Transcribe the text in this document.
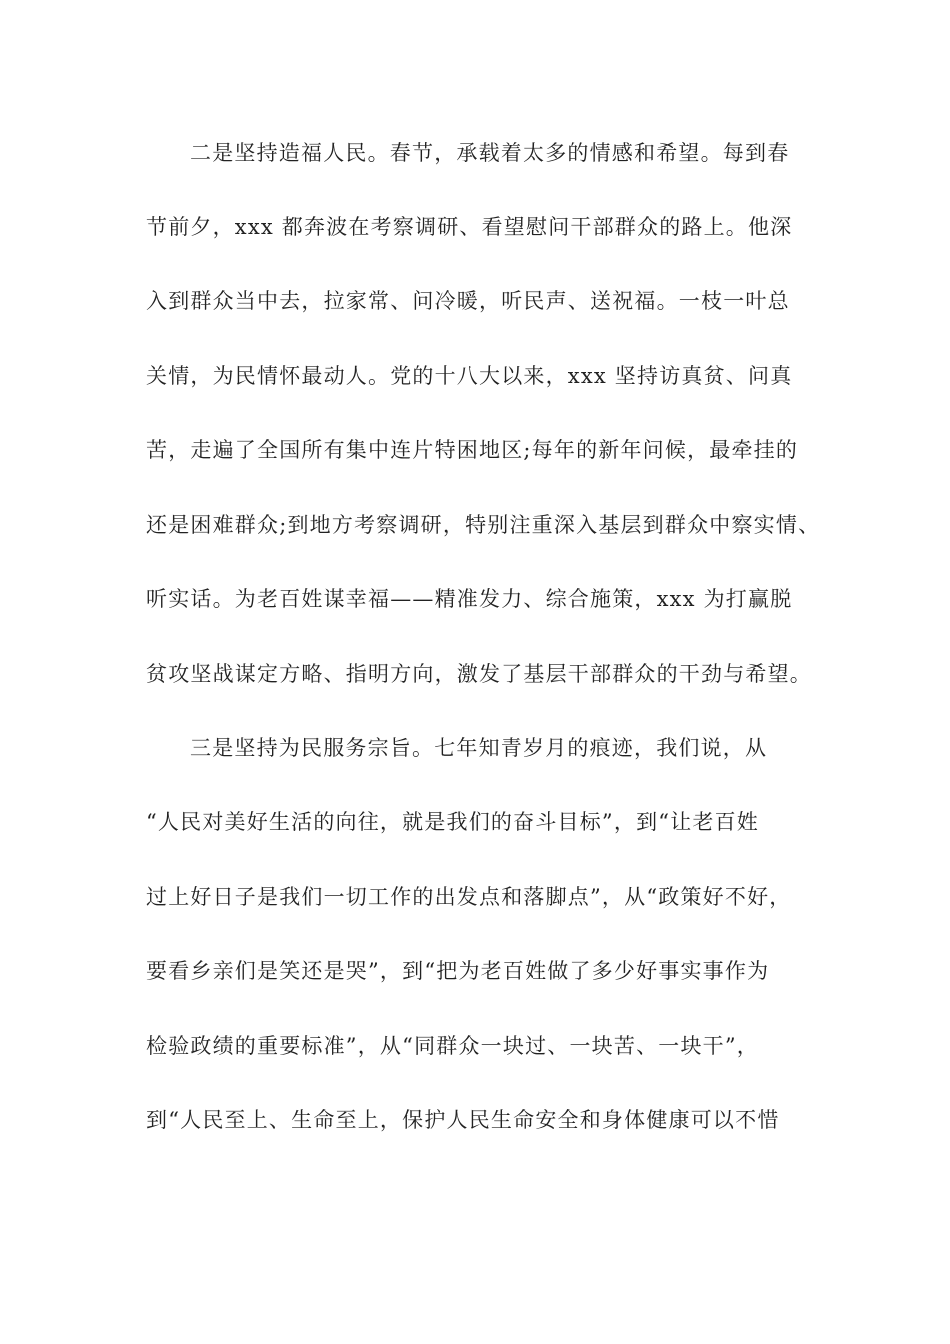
二是坚持造福人民。春节，承载着太多的情感和希望。每到春
节前夕，xxx 都奔波在考察调研、看望慰问干部群众的路上。他深
入到群众当中去，拉家常、问冷暖，听民声、送祝福。一枝一叶总
关情，为民情怀最动人。党的十八大以来，xxx 坚持访真贫、问真
苦，走遍了全国所有集中连片特困地区;每年的新年问候，最牵挂的
还是困难群众;到地方考察调研，特别注重深入基层到群众中察实情、
听实话。为老百姓谋幸福——精准发力、综合施策，xxx 为打赢脱
贫攻坚战谋定方略、指明方向，激发了基层干部群众的干劲与希望。
三是坚持为民服务宗旨。七年知青岁月的痕迹，我们说，从
“人民对美好生活的向往，就是我们的奋斗目标”，到“让老百姓
过上好日子是我们一切工作的出发点和落脚点”，从“政策好不好，
要看乡亲们是笑还是哭”，到“把为老百姓做了多少好事实事作为
检验政绩的重要标准”，从“同群众一块过、一块苦、一块干”，
到“人民至上、生命至上，保护人民生命安全和身体健康可以不惜
